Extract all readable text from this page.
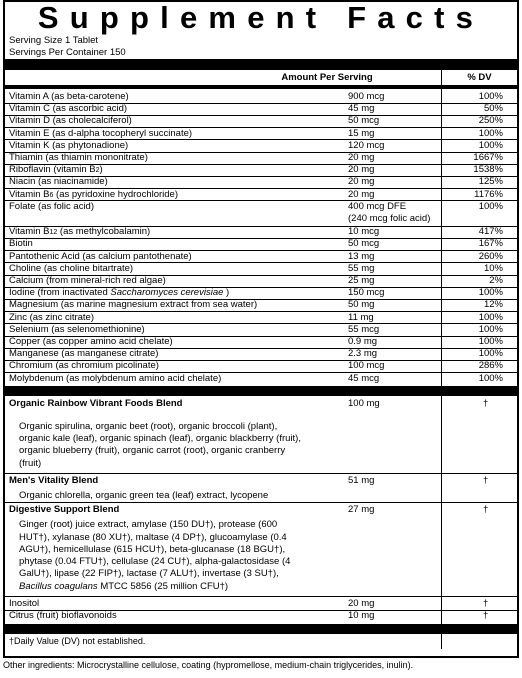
Supplement Facts
Serving Size 1 Tablet
Servings Per Container 150
Amount Per Serving	% DV
Vitamin A (as beta-carotene)	900 mcg	100%
Vitamin C (as ascorbic acid)	45 mg	50%
Vitamin D (as cholecalciferol)	50 mcg	250%
Vitamin E (as d-alpha tocopheryl succinate)	15 mg	100%
Vitamin K (as phytonadione)	120 mcg	100%
Thiamin (as thiamin mononitrate)	20 mg	1667%
Riboflavin (vitamin B2)	20 mg	1538%
Niacin (as niacinamide)	20 mg	125%
Vitamin B6 (as pyridoxine hydrochloride)	20 mg	1176%
Folate (as folic acid)	400 mcg DFE	100%
(240 mcg folic acid)
Vitamin B12 (as methylcobalamin)	10 mcg	417%
Biotin	50 mcg	167%
Pantothenic Acid (as calcium pantothenate)	13 mg	260%
Choline (as choline bitartrate)	55 mg	10%
Calcium (from mineral-rich red algae)	25 mg	2%
Iodine (from inactivated Saccharomyces cerevisiae )	150 mcg	100%
Magnesium (as marine magnesium extract from sea water)	50 mg	12%
Zinc (as zinc citrate)	11 mg	100%
Selenium (as selenomethionine)	55 mcg	100%
Copper (as copper amino acid chelate)	0.9 mg	100%
Manganese (as manganese citrate)	2.3 mg	100%
Chromium (as chromium picolinate)	100 mcg	286%
Molybdenum (as molybdenum amino acid chelate)	45 mcg	100%
Organic Rainbow Vibrant Foods Blend	100 mg	†
Organic spirulina, organic beet (root), organic broccoli (plant), organic kale (leaf), organic spinach (leaf), organic blackberry (fruit), organic blueberry (fruit), organic carrot (root), organic cranberry (fruit)
Men's Vitality Blend	51 mg	†
Organic chlorella, organic green tea (leaf) extract, lycopene
Digestive Support Blend	27 mg	†
Ginger (root) juice extract, amylase (150 DU†), protease (600 HUT†), xylanase (80 XU†), maltase (4 DP†), glucoamylase (0.4 AGU†), hemicellulase (615 HCU†), beta-glucanase (18 BGU†), phytase (0.04 FTU†), cellulase (24 CU†), alpha-galactosidase (4 GalU†), lipase (22 FIP†), lactase (7 ALU†), invertase (3 SU†), Bacillus coagulans MTCC 5856 (25 million CFU†)
Inositol	20 mg	†
Citrus (fruit) bioflavonoids	10 mg	†
†Daily Value (DV) not established.
Other ingredients: Microcrystalline cellulose, coating (hypromellose, medium-chain triglycerides, inulin).
